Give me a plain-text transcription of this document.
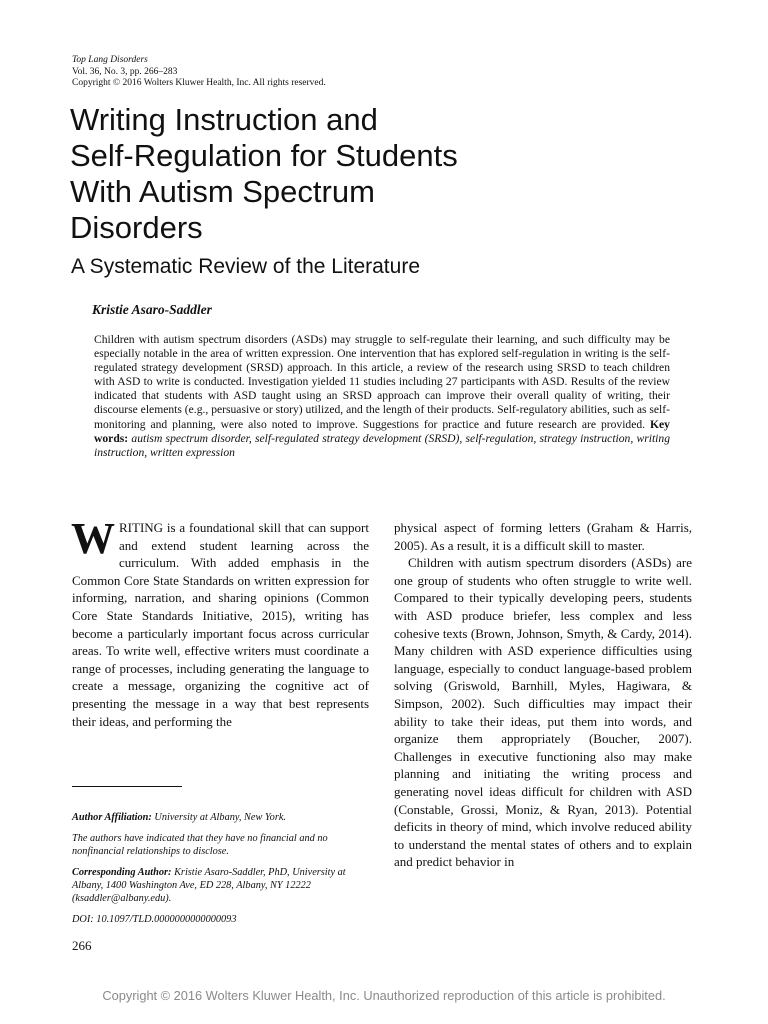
Top Lang Disorders
Vol. 36, No. 3, pp. 266–283
Copyright © 2016 Wolters Kluwer Health, Inc. All rights reserved.
Writing Instruction and
Self-Regulation for Students
With Autism Spectrum
Disorders
A Systematic Review of the Literature
Kristie Asaro-Saddler
Children with autism spectrum disorders (ASDs) may struggle to self-regulate their learning, and such difficulty may be especially notable in the area of written expression. One intervention that has explored self-regulation in writing is the self-regulated strategy development (SRSD) approach. In this article, a review of the research using SRSD to teach children with ASD to write is conducted. Investigation yielded 11 studies including 27 participants with ASD. Results of the review indicated that students with ASD taught using an SRSD approach can improve their overall quality of writing, their discourse elements (e.g., persuasive or story) utilized, and the length of their products. Self-regulatory abilities, such as self-monitoring and planning, were also noted to improve. Suggestions for practice and future research are provided. Key words: autism spectrum disorder, self-regulated strategy development (SRSD), self-regulation, strategy instruction, writing instruction, written expression

WRITING is a foundational skill that can support and extend student learning across the curriculum. With added emphasis in the Common Core State Standards on written expression for informing, narration, and sharing opinions (Common Core State Standards Initiative, 2015), writing has become a particularly important focus across curricular areas. To write well, effective writers must coordinate a range of processes, including generating the language to create a message, organizing the cognitive act of presenting the message in a way that best represents their ideas, and performing the

physical aspect of forming letters (Graham & Harris, 2005). As a result, it is a difficult skill to master.

Children with autism spectrum disorders (ASDs) are one group of students who often struggle to write well. Compared to their typically developing peers, students with ASD produce briefer, less complex and less cohesive texts (Brown, Johnson, Smyth, & Cardy, 2014). Many children with ASD experience difficulties using language, especially to conduct language-based problem solving (Griswold, Barnhill, Myles, Hagiwara, & Simpson, 2002). Such difficulties may impact their ability to take their ideas, put them into words, and organize them appropriately (Boucher, 2007). Challenges in executive functioning also may make planning and initiating the writing process and generating novel ideas difficult for children with ASD (Constable, Grossi, Moniz, & Ryan, 2013). Potential deficits in theory of mind, which involve reduced ability to understand the mental states of others and to explain and predict behavior in

Author Affiliation: University at Albany, New York.

The authors have indicated that they have no financial and no nonfinancial relationships to disclose.

Corresponding Author: Kristie Asaro-Saddler, PhD, University at Albany, 1400 Washington Ave, ED 228, Albany, NY 12222 (ksaddler@albany.edu).

DOI: 10.1097/TLD.0000000000000093

266
Copyright © 2016 Wolters Kluwer Health, Inc. Unauthorized reproduction of this article is prohibited.
